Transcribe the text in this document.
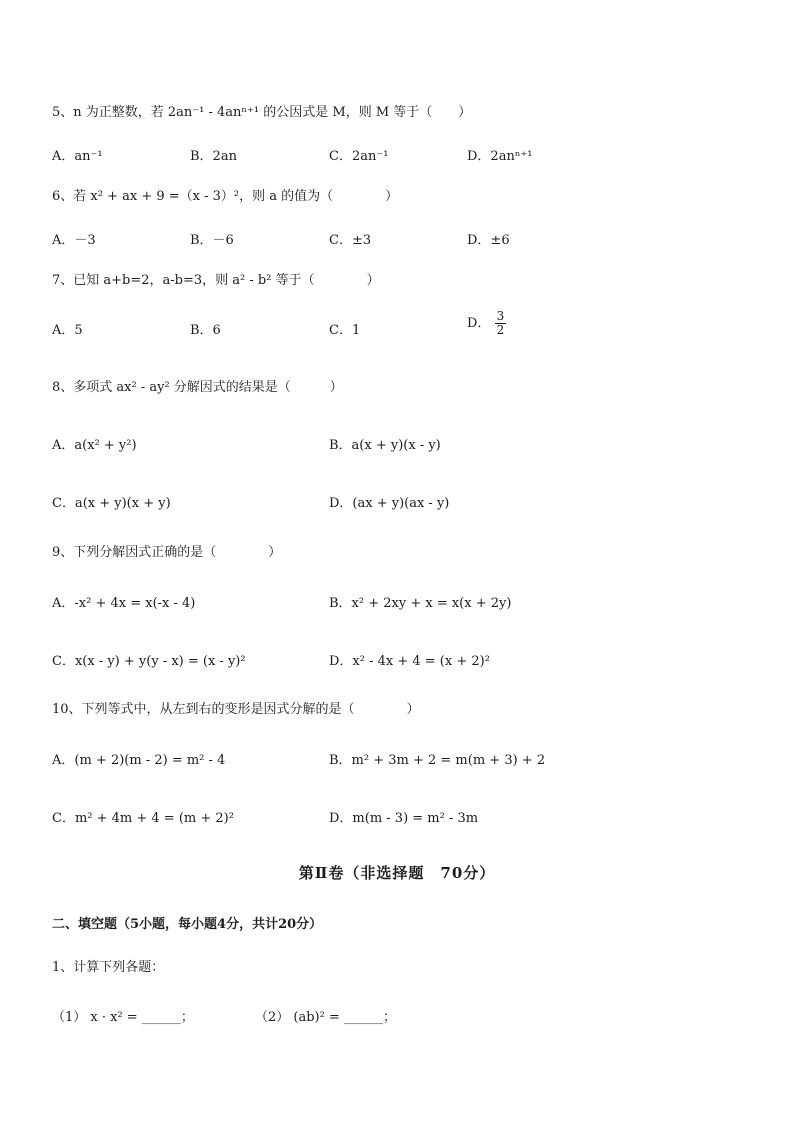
5、n 为正整数，若 2an⁻¹ - 4anⁿ⁺¹ 的公因式是 M，则 M 等于（　　）
A．an⁻¹	B．2an	C．2an⁻¹	D．2anⁿ⁺¹
6、若 x² + ax + 9 =（x - 3）²，则 a 的值为（　　　　）
A．－3	B．－6	C．±3	D．±6
7、已知 a+b=2，a-b=3，则 a² - b² 等于（　　　　）
A．5	B．6	C．1	D． $\frac{3}{2}$
8、多项式 ax² - ay² 分解因式的结果是（　　　）
A．a(x² + y²)	B．a(x + y)(x - y)
C．a(x + y)(x + y)	D．(ax + y)(ax - y)
9、下列分解因式正确的是（　　　　）
A．-x² + 4x = x(-x - 4)	B．x² + 2xy + x = x(x + 2y)
C．x(x - y) + y(y - x) = (x - y)²	D．x² - 4x + 4 = (x + 2)²
10、下列等式中，从左到右的变形是因式分解的是（　　　　）
A．(m + 2)(m - 2) = m² - 4	B．m² + 3m + 2 = m(m + 3) + 2
C．m² + 4m + 4 = (m + 2)²	D．m(m - 3) = m² - 3m
第Ⅱ卷（非选择题　70分）
二、填空题（5小题，每小题4分，共计20分）
1、计算下列各题：
（1） x · x² = ______；	（2） (ab)² = ______；
